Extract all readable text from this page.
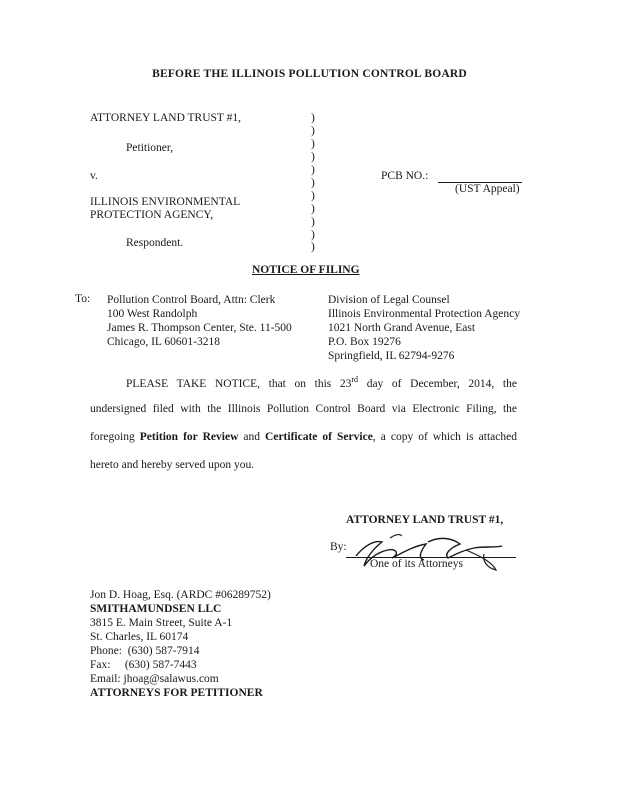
BEFORE THE ILLINOIS POLLUTION CONTROL BOARD
ATTORNEY LAND TRUST #1,
Petitioner,
v.
ILLINOIS ENVIRONMENTAL
PROTECTION AGENCY,
Respondent.
)
)
)
)
)
)
)
)
)
)
)
PCB NO.:
(UST Appeal)
NOTICE OF FILING
To: Pollution Control Board, Attn: Clerk
100 West Randolph
James R. Thompson Center, Ste. 11-500
Chicago, IL 60601-3218
Division of Legal Counsel
Illinois Environmental Protection Agency
1021 North Grand Avenue, East
P.O. Box 19276
Springfield, IL 62794-9276
PLEASE TAKE NOTICE, that on this 23rd day of December, 2014, the
undersigned filed with the Illinois Pollution Control Board via Electronic Filing, the
foregoing Petition for Review and Certificate of Service, a copy of which is attached
hereto and hereby served upon you.
ATTORNEY LAND TRUST #1,
By:
One of its Attorneys
Jon D. Hoag, Esq. (ARDC #06289752)
SMITHAMUNDSEN LLC
3815 E. Main Street, Suite A-1
St. Charles, IL 60174
Phone:  (630) 587-7914
Fax:     (630) 587-7443
Email: jhoag@salawus.com
ATTORNEYS FOR PETITIONER
